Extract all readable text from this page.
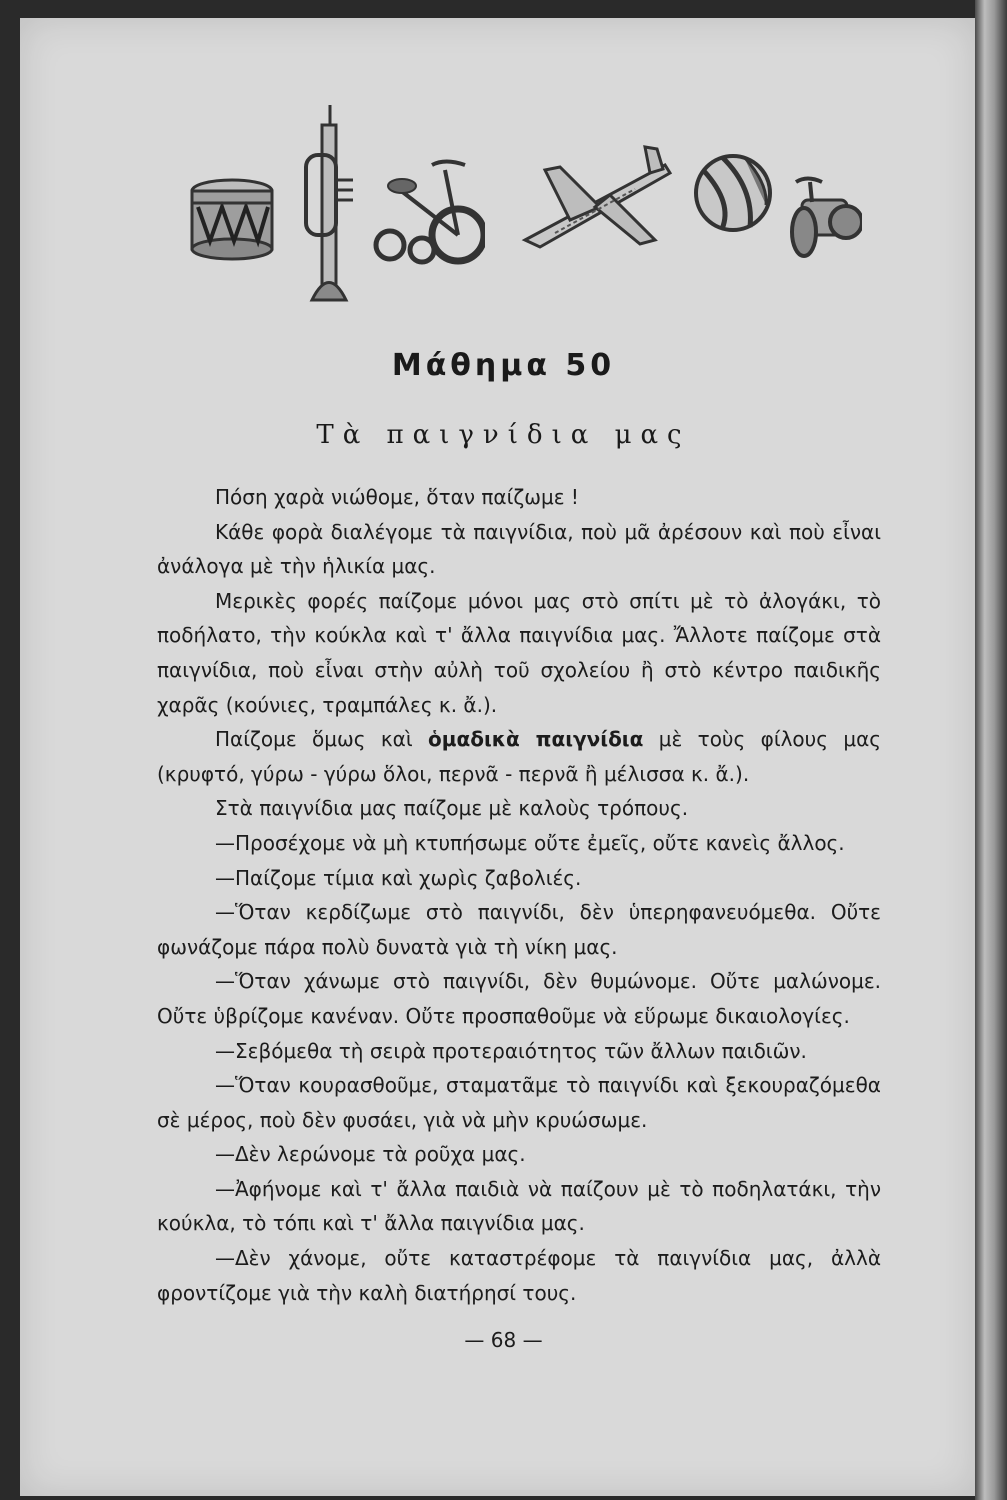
Μάθημα 50
Τὰ παιγνίδια μας

Πόση χαρὰ νιώθομε, ὅταν παίζωμε !

Κάθε φορὰ διαλέγομε τὰ παιγνίδια, ποὺ μᾶ ἀρέσουν καὶ ποὺ εἶναι ἀνάλογα μὲ τὴν ἡλικία μας.

Μερικὲς φορές παίζομε μόνοι μας στὸ σπίτι μὲ τὸ ἀλογάκι, τὸ ποδήλατο, τὴν κούκλα καὶ τ' ἄλλα παιγνίδια μας. Ἄλλοτε παίζομε στὰ παιγνίδια, ποὺ εἶναι στὴν αὐλὴ τοῦ σχολείου ἢ στὸ κέντρο παιδικῆς χαρᾶς (κούνιες, τραμπάλες κ. ἄ.).

Παίζομε ὅμως καὶ ὁμαδικὰ παιγνίδια μὲ τοὺς φίλους μας (κρυφτό, γύρω - γύρω ὅλοι, περνᾶ - περνᾶ ἢ μέλισσα κ. ἄ.).

Στὰ παιγνίδια μας παίζομε μὲ καλοὺς τρόπους.

—Προσέχομε νὰ μὴ κτυπήσωμε οὔτε ἐμεῖς, οὔτε κανεὶς ἄλλος.

—Παίζομε τίμια καὶ χωρὶς ζαβολιές.

—Ὅταν κερδίζωμε στὸ παιγνίδι, δὲν ὑπερηφανευόμεθα. Οὔτε φωνάζομε πάρα πολὺ δυνατὰ γιὰ τὴ νίκη μας.

—Ὅταν χάνωμε στὸ παιγνίδι, δὲν θυμώνομε. Οὔτε μαλώνομε. Οὔτε ὑβρίζομε κανέναν. Οὔτε προσπαθοῦμε νὰ εὕρωμε δικαιολογίες.

—Σεβόμεθα τὴ σειρὰ προτεραιότητος τῶν ἄλλων παιδιῶν.

—Ὅταν κουρασθοῦμε, σταματᾶμε τὸ παιγνίδι καὶ ξεκουραζόμεθα σὲ μέρος, ποὺ δὲν φυσάει, γιὰ νὰ μὴν κρυώσωμε.

—Δὲν λερώνομε τὰ ροῦχα μας.

—Ἀφήνομε καὶ τ' ἄλλα παιδιὰ νὰ παίζουν μὲ τὸ ποδηλατάκι, τὴν κούκλα, τὸ τόπι καὶ τ' ἄλλα παιγνίδια μας.

—Δὲν χάνομε, οὔτε καταστρέφομε τὰ παιγνίδια μας, ἀλλὰ φροντίζομε γιὰ τὴν καλὴ διατήρησί τους.

— 68 —
